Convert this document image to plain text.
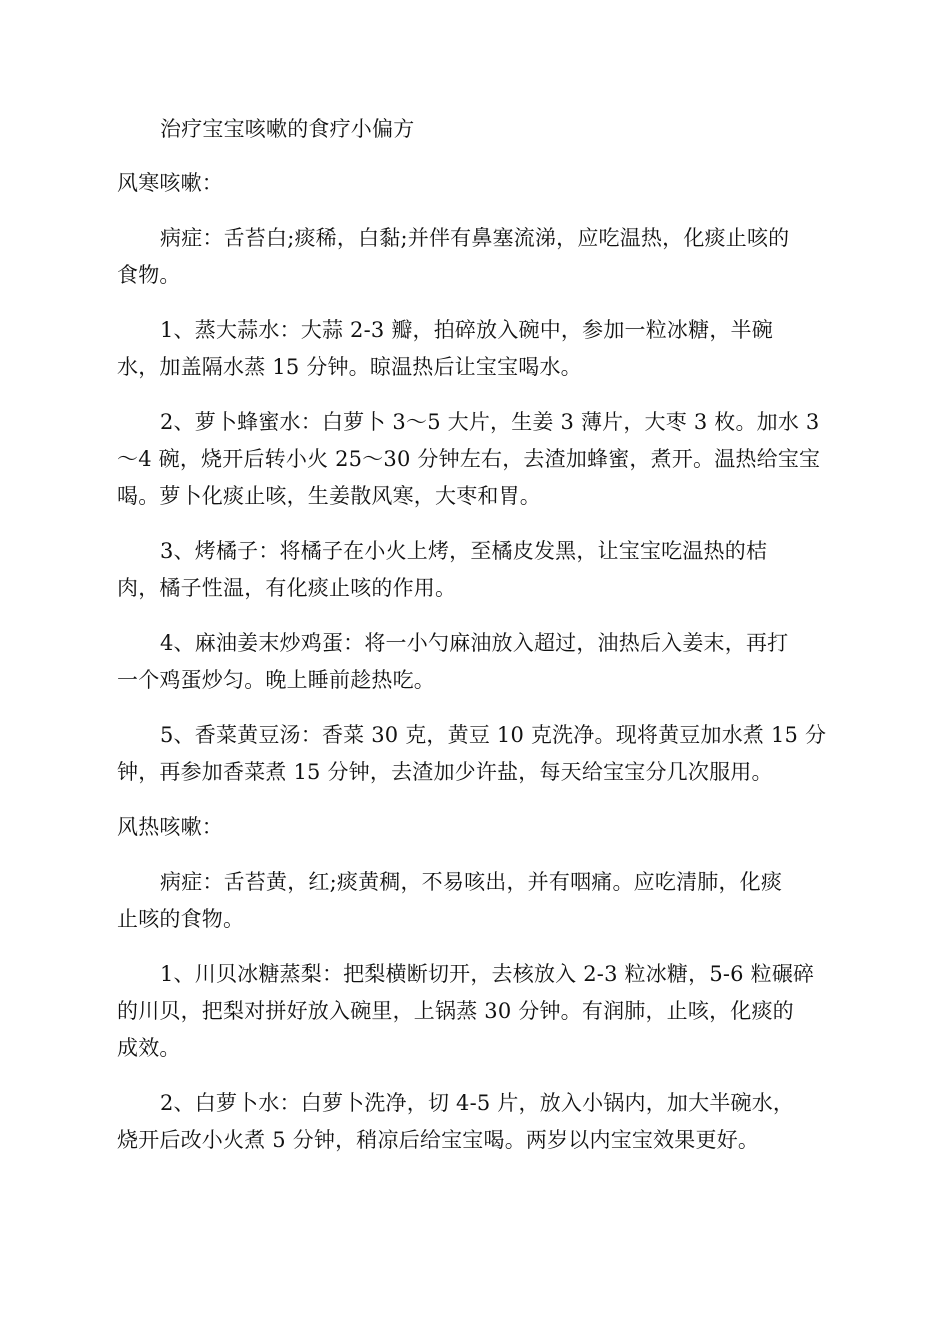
治疗宝宝咳嗽的食疗小偏方
风寒咳嗽：
病症：舌苔白;痰稀，白黏;并伴有鼻塞流涕，应吃温热，化痰止咳的
食物。
1、蒸大蒜水：大蒜 2-3 瓣，拍碎放入碗中，参加一粒冰糖，半碗
水，加盖隔水蒸 15 分钟。晾温热后让宝宝喝水。
2、萝卜蜂蜜水：白萝卜 3～5 大片，生姜 3 薄片，大枣 3 枚。加水 3
～4 碗，烧开后转小火 25～30 分钟左右，去渣加蜂蜜，煮开。温热给宝宝
喝。萝卜化痰止咳，生姜散风寒，大枣和胃。
3、烤橘子：将橘子在小火上烤，至橘皮发黑，让宝宝吃温热的桔
肉，橘子性温，有化痰止咳的作用。
4、麻油姜末炒鸡蛋：将一小勺麻油放入超过，油热后入姜末，再打
一个鸡蛋炒匀。晚上睡前趁热吃。
5、香菜黄豆汤：香菜 30 克，黄豆 10 克洗净。现将黄豆加水煮 15 分
钟，再参加香菜煮 15 分钟，去渣加少许盐，每天给宝宝分几次服用。
风热咳嗽：
病症：舌苔黄，红;痰黄稠，不易咳出，并有咽痛。应吃清肺，化痰
止咳的食物。
1、川贝冰糖蒸梨：把梨横断切开，去核放入 2-3 粒冰糖，5-6 粒碾碎
的川贝，把梨对拼好放入碗里，上锅蒸 30 分钟。有润肺，止咳，化痰的
成效。
2、白萝卜水：白萝卜洗净，切 4-5 片，放入小锅内，加大半碗水，
烧开后改小火煮 5 分钟，稍凉后给宝宝喝。两岁以内宝宝效果更好。
